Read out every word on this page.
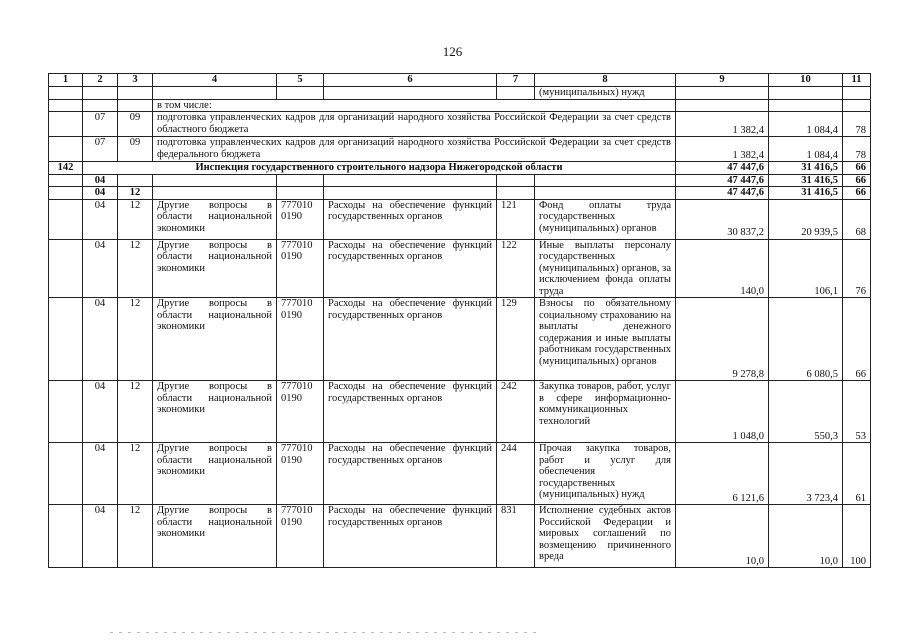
126
1	2	3	4	5	6	7	8	9	10	11
							(муниципальных) нужд			
			в том числе:							
	07	09	подготовка управленческих кадров для организаций народного хозяйства Российской Федерации за счет средств областного бюджета					1 382,4	1 084,4	78
	07	09	подготовка управленческих кадров для организаций народного хозяйства Российской Федерации за счет средств федерального бюджета					1 382,4	1 084,4	78
142	Инспекция государственного строительного надзора Нижегородской области							47 447,6	31 416,5	66
	04							47 447,6	31 416,5	66
	04	12						47 447,6	31 416,5	66
	04	12	Другие вопросы в области национальной экономики	777010 0190	Расходы на обеспечение функций государственных органов	121	Фонд оплаты труда государственных (муниципальных) органов	30 837,2	20 939,5	68
	04	12	Другие вопросы в области национальной экономики	777010 0190	Расходы на обеспечение функций государственных органов	122	Иные выплаты персоналу государственных (муниципальных) органов, за исключением фонда оплаты труда	140,0	106,1	76
	04	12	Другие вопросы в области национальной экономики	777010 0190	Расходы на обеспечение функций государственных органов	129	Взносы по обязательному социальному страхованию на выплаты денежного содержания и иные выплаты работникам государственных (муниципальных) органов	9 278,8	6 080,5	66
	04	12	Другие вопросы в области национальной экономики	777010 0190	Расходы на обеспечение функций государственных органов	242	Закупка товаров, работ, услуг в сфере информационно-коммуникационных технологий	1 048,0	550,3	53
	04	12	Другие вопросы в области национальной экономики	777010 0190	Расходы на обеспечение функций государственных органов	244	Прочая закупка товаров, работ и услуг для обеспечения государственных (муниципальных) нужд	6 121,6	3 723,4	61
	04	12	Другие вопросы в области национальной экономики	777010 0190	Расходы на обеспечение функций государственных органов	831	Исполнение судебных актов Российской Федерации и мировых соглашений по возмещению причиненного вреда	10,0	10,0	100
